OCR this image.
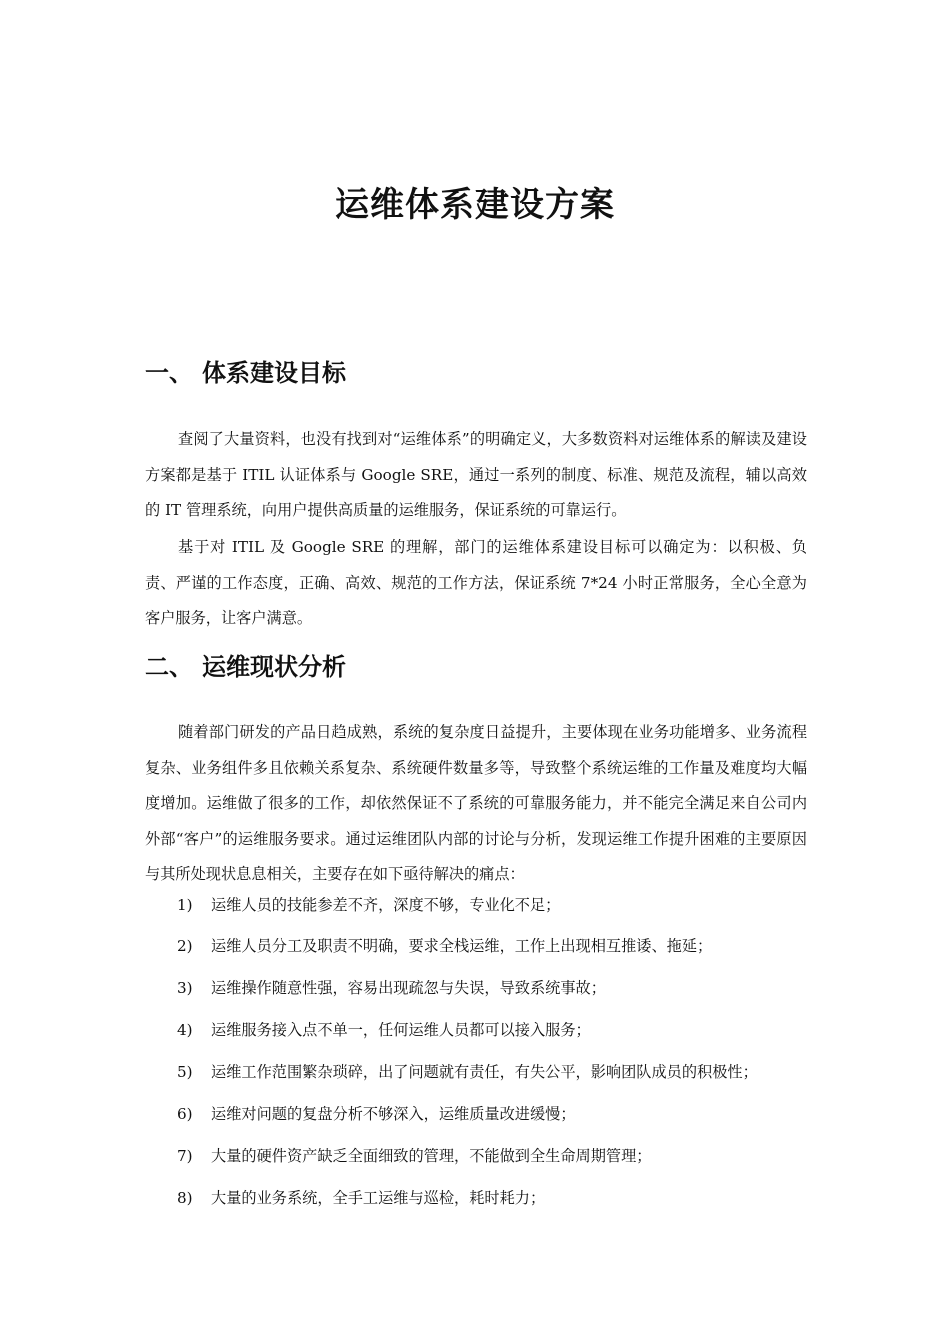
运维体系建设方案
一、 体系建设目标

查阅了大量资料，也没有找到对“运维体系”的明确定义，大多数资料对运维体系的解读及建设方案都是基于 ITIL 认证体系与 Google SRE，通过一系列的制度、标准、规范及流程，辅以高效的 IT 管理系统，向用户提供高质量的运维服务，保证系统的可靠运行。

基于对 ITIL 及 Google SRE 的理解，部门的运维体系建设目标可以确定为：以积极、负责、严谨的工作态度，正确、高效、规范的工作方法，保证系统 7*24 小时正常服务，全心全意为客户服务，让客户满意。

二、 运维现状分析

随着部门研发的产品日趋成熟，系统的复杂度日益提升，主要体现在业务功能增多、业务流程复杂、业务组件多且依赖关系复杂、系统硬件数量多等，导致整个系统运维的工作量及难度均大幅度增加。运维做了很多的工作，却依然保证不了系统的可靠服务能力，并不能完全满足来自公司内外部“客户”的运维服务要求。通过运维团队内部的讨论与分析，发现运维工作提升困难的主要原因与其所处现状息息相关，主要存在如下亟待解决的痛点：

1) 运维人员的技能参差不齐，深度不够，专业化不足；
2) 运维人员分工及职责不明确，要求全栈运维，工作上出现相互推诿、拖延；
3) 运维操作随意性强，容易出现疏忽与失误，导致系统事故；
4) 运维服务接入点不单一，任何运维人员都可以接入服务；
5) 运维工作范围繁杂琐碎，出了问题就有责任，有失公平，影响团队成员的积极性；
6) 运维对问题的复盘分析不够深入，运维质量改进缓慢；
7) 大量的硬件资产缺乏全面细致的管理，不能做到全生命周期管理；
8) 大量的业务系统，全手工运维与巡检，耗时耗力；
